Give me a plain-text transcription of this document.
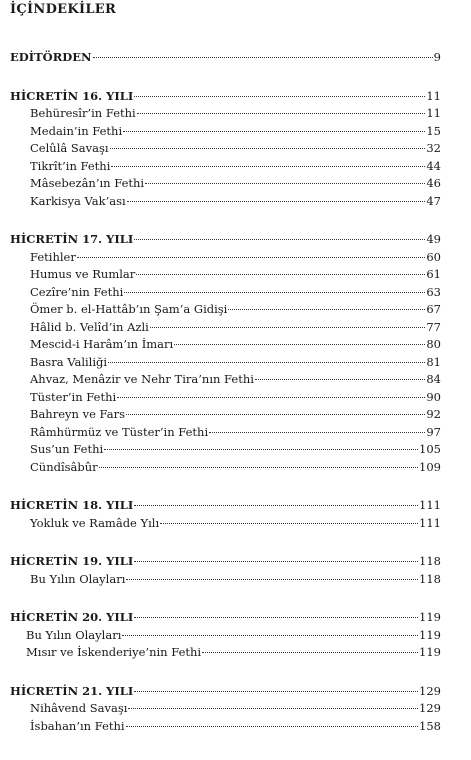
İÇİNDEKİLER
EDİTÖRDEN	9
HİCRETİN 16. YILI	11
Behüresîr’in Fethi	11
Medain’in Fethi	15
Celûlâ Savaşı	32
Tikrît’in Fethi	44
Mâsebezân’ın Fethi	46
Karkisya Vak’ası	47
HİCRETİN 17. YILI	49
Fetihler	60
Humus ve Rumlar	61
Cezîre’nin Fethi	63
Ömer b. el-Hattâb’ın Şam’a Gidişi	67
Hâlid b. Velîd’in Azli	77
Mescid-i Harâm’ın İmarı	80
Basra Valiliği	81
Ahvaz, Menâzir ve Nehr Tira’nın Fethi	84
Tüster’in Fethi	90
Bahreyn ve Fars	92
Râmhürmüz ve Tüster’in Fethi	97
Sus’un Fethi	105
Cündîsâbûr	109
HİCRETİN 18. YILI	111
Yokluk ve Ramâde Yılı	111
HİCRETİN 19. YILI	118
Bu Yılın Olayları	118
HİCRETİN 20. YILI	119
Bu Yılın Olayları	119
Mısır ve İskenderiye’nin Fethi	119
HİCRETİN 21. YILI	129
Nihâvend Savaşı	129
İsbahan’ın Fethi	158
